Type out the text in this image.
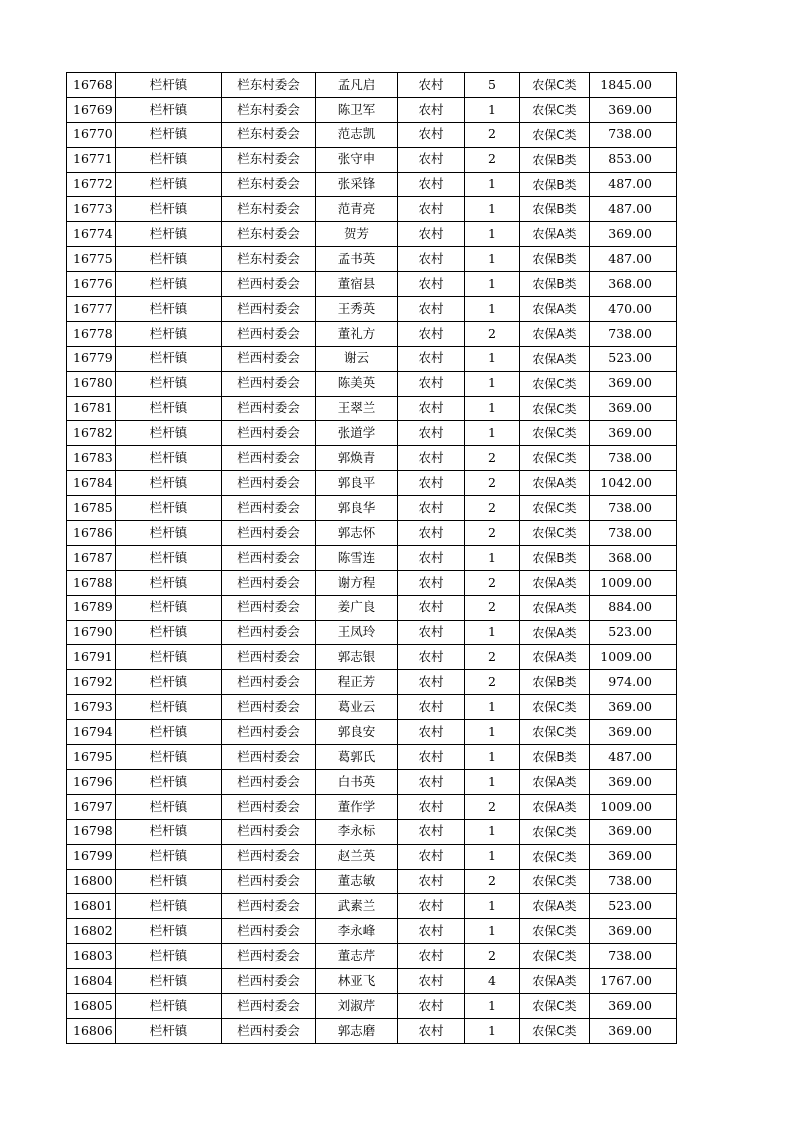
16768	栏杆镇	栏东村委会	孟凡启	农村	5	农保C类	1845.00
16769	栏杆镇	栏东村委会	陈卫军	农村	1	农保C类	369.00
16770	栏杆镇	栏东村委会	范志凯	农村	2	农保C类	738.00
16771	栏杆镇	栏东村委会	张守申	农村	2	农保B类	853.00
16772	栏杆镇	栏东村委会	张采锋	农村	1	农保B类	487.00
16773	栏杆镇	栏东村委会	范青亮	农村	1	农保B类	487.00
16774	栏杆镇	栏东村委会	贺芳	农村	1	农保A类	369.00
16775	栏杆镇	栏东村委会	孟书英	农村	1	农保B类	487.00
16776	栏杆镇	栏西村委会	董宿县	农村	1	农保B类	368.00
16777	栏杆镇	栏西村委会	王秀英	农村	1	农保A类	470.00
16778	栏杆镇	栏西村委会	董礼方	农村	2	农保A类	738.00
16779	栏杆镇	栏西村委会	谢云	农村	1	农保A类	523.00
16780	栏杆镇	栏西村委会	陈美英	农村	1	农保C类	369.00
16781	栏杆镇	栏西村委会	王翠兰	农村	1	农保C类	369.00
16782	栏杆镇	栏西村委会	张道学	农村	1	农保C类	369.00
16783	栏杆镇	栏西村委会	郭焕青	农村	2	农保C类	738.00
16784	栏杆镇	栏西村委会	郭良平	农村	2	农保A类	1042.00
16785	栏杆镇	栏西村委会	郭良华	农村	2	农保C类	738.00
16786	栏杆镇	栏西村委会	郭志怀	农村	2	农保C类	738.00
16787	栏杆镇	栏西村委会	陈雪连	农村	1	农保B类	368.00
16788	栏杆镇	栏西村委会	谢方程	农村	2	农保A类	1009.00
16789	栏杆镇	栏西村委会	姜广良	农村	2	农保A类	884.00
16790	栏杆镇	栏西村委会	王凤玲	农村	1	农保A类	523.00
16791	栏杆镇	栏西村委会	郭志银	农村	2	农保A类	1009.00
16792	栏杆镇	栏西村委会	程正芳	农村	2	农保B类	974.00
16793	栏杆镇	栏西村委会	葛业云	农村	1	农保C类	369.00
16794	栏杆镇	栏西村委会	郭良安	农村	1	农保C类	369.00
16795	栏杆镇	栏西村委会	葛郭氏	农村	1	农保B类	487.00
16796	栏杆镇	栏西村委会	白书英	农村	1	农保A类	369.00
16797	栏杆镇	栏西村委会	董作学	农村	2	农保A类	1009.00
16798	栏杆镇	栏西村委会	李永标	农村	1	农保C类	369.00
16799	栏杆镇	栏西村委会	赵兰英	农村	1	农保C类	369.00
16800	栏杆镇	栏西村委会	董志敏	农村	2	农保C类	738.00
16801	栏杆镇	栏西村委会	武素兰	农村	1	农保A类	523.00
16802	栏杆镇	栏西村委会	李永峰	农村	1	农保C类	369.00
16803	栏杆镇	栏西村委会	董志芹	农村	2	农保C类	738.00
16804	栏杆镇	栏西村委会	林亚飞	农村	4	农保A类	1767.00
16805	栏杆镇	栏西村委会	刘淑芹	农村	1	农保C类	369.00
16806	栏杆镇	栏西村委会	郭志磨	农村	1	农保C类	369.00
